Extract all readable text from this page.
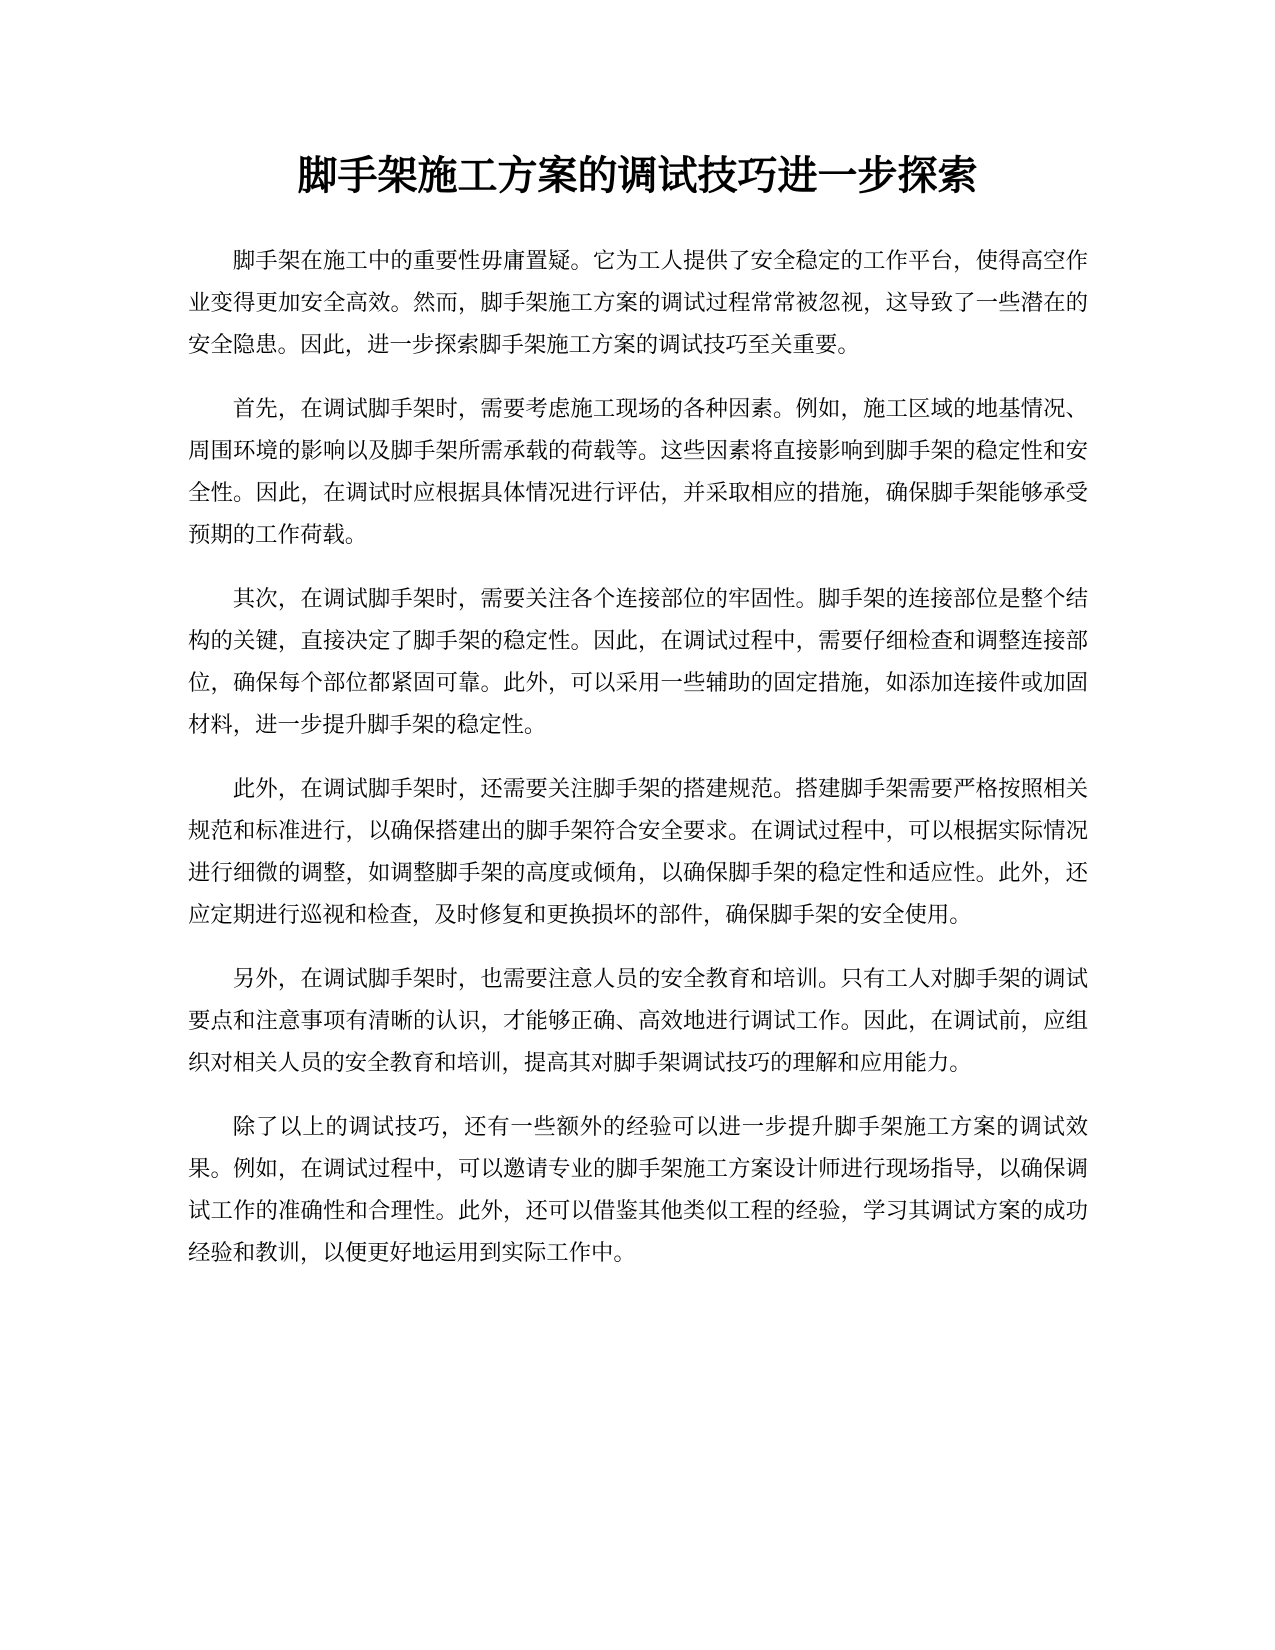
脚手架施工方案的调试技巧进一步探索

脚手架在施工中的重要性毋庸置疑。它为工人提供了安全稳定的工作平台，使得高空作业变得更加安全高效。然而，脚手架施工方案的调试过程常常被忽视，这导致了一些潜在的安全隐患。因此，进一步探索脚手架施工方案的调试技巧至关重要。

首先，在调试脚手架时，需要考虑施工现场的各种因素。例如，施工区域的地基情况、周围环境的影响以及脚手架所需承载的荷载等。这些因素将直接影响到脚手架的稳定性和安全性。因此，在调试时应根据具体情况进行评估，并采取相应的措施，确保脚手架能够承受预期的工作荷载。

其次，在调试脚手架时，需要关注各个连接部位的牢固性。脚手架的连接部位是整个结构的关键，直接决定了脚手架的稳定性。因此，在调试过程中，需要仔细检查和调整连接部位，确保每个部位都紧固可靠。此外，可以采用一些辅助的固定措施，如添加连接件或加固材料，进一步提升脚手架的稳定性。

此外，在调试脚手架时，还需要关注脚手架的搭建规范。搭建脚手架需要严格按照相关规范和标准进行，以确保搭建出的脚手架符合安全要求。在调试过程中，可以根据实际情况进行细微的调整，如调整脚手架的高度或倾角，以确保脚手架的稳定性和适应性。此外，还应定期进行巡视和检查，及时修复和更换损坏的部件，确保脚手架的安全使用。

另外，在调试脚手架时，也需要注意人员的安全教育和培训。只有工人对脚手架的调试要点和注意事项有清晰的认识，才能够正确、高效地进行调试工作。因此，在调试前，应组织对相关人员的安全教育和培训，提高其对脚手架调试技巧的理解和应用能力。

除了以上的调试技巧，还有一些额外的经验可以进一步提升脚手架施工方案的调试效果。例如，在调试过程中，可以邀请专业的脚手架施工方案设计师进行现场指导，以确保调试工作的准确性和合理性。此外，还可以借鉴其他类似工程的经验，学习其调试方案的成功经验和教训，以便更好地运用到实际工作中。
